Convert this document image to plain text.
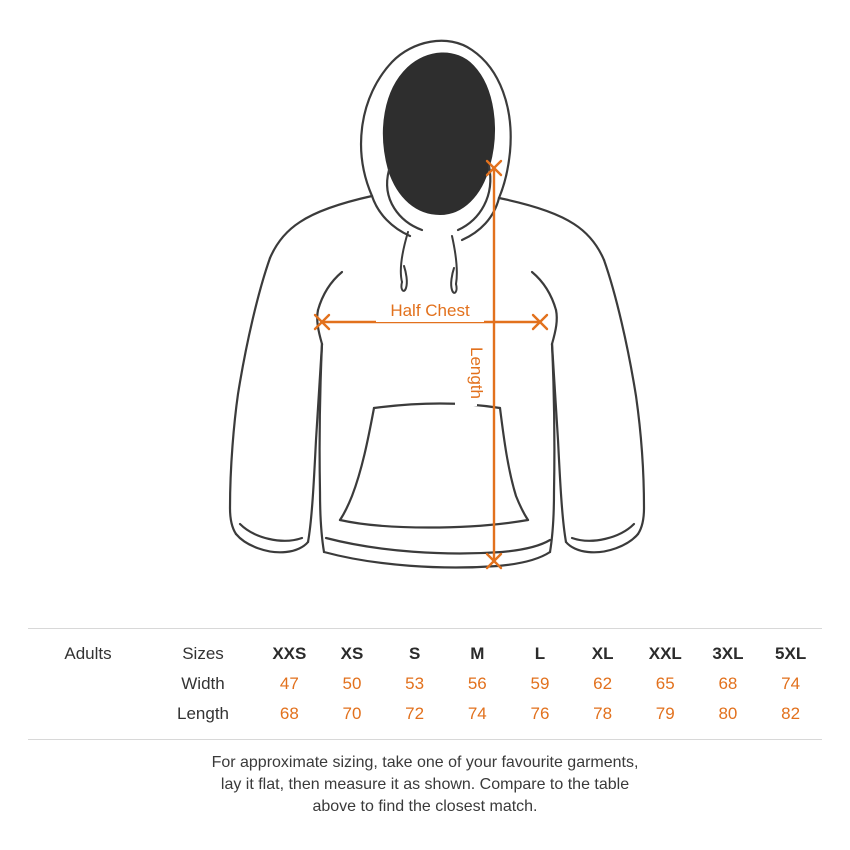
Half Chest
Length
Adults	Sizes	XXS	XS	S	M	L	XL	XXL	3XL	5XL
	Width	47	50	53	56	59	62	65	68	74
	Length	68	70	72	74	76	78	79	80	82
For approximate sizing, take one of your favourite garments,
lay it flat, then measure it as shown. Compare to the table
above to find the closest match.
